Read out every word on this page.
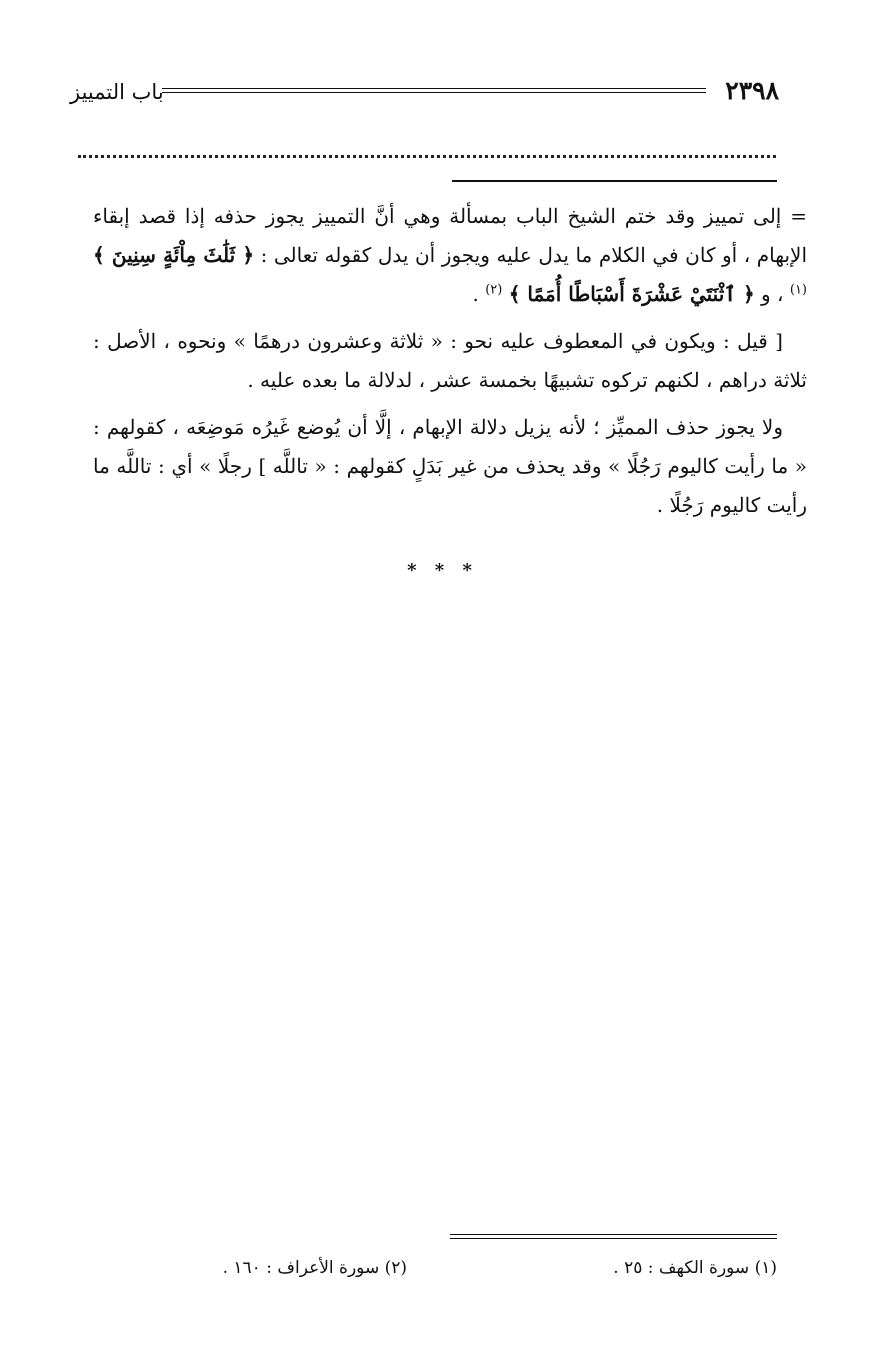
٢٣٩٨
باب التمييز

= إلى تمييز وقد ختم الشيخ الباب بمسألة وهي أنَّ التمييز يجوز حذفه إذا قصد إبقاء الإبهام ، أو كان في الكلام ما يدل عليه ويجوز أن يدل كقوله تعالى : ﴿ ثَلَٰثَ مِاْئَةٍ سِنِينَ ﴾ $^{(١)}$ ، و ﴿ ٱثْنَتَيْ عَشْرَةَ أَسْبَاطًا أُمَمًا ﴾ $^{(٢)}$ .

[ قيل : ويكون في المعطوف عليه نحو : « ثلاثة وعشرون درهمًا » ونحوه ، الأصل : ثلاثة دراهم ، لكنهم تركوه تشبيهًا بخمسة عشر ، لدلالة ما بعده عليه .

ولا يجوز حذف المميِّز ؛ لأنه يزيل دلالة الإبهام ، إلَّا أن يُوضع غَيرُه مَوضِعَه ، كقولهم : « ما رأيت كاليوم رَجُلًا » وقد يحذف من غير بَدَلٍ كقولهم : « تاللَّه ] رجلًا » أي : تاللَّه ما رأيت كاليوم رَجُلًا .

* * *
(١) سورة الكهف : ٢٥ .
(٢) سورة الأعراف : ١٦٠ .
